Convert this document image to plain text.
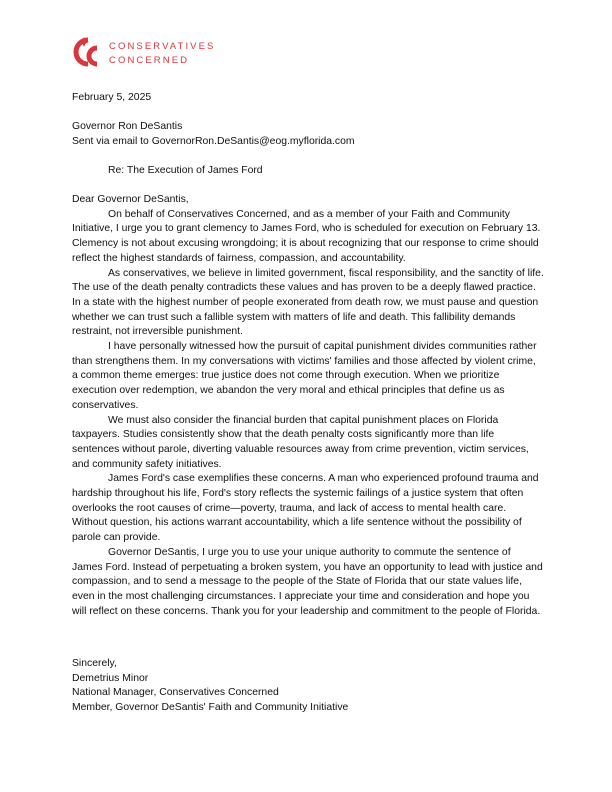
CONSERVATIVES
CONCERNED
February 5, 2025
Governor Ron DeSantis
Sent via email to GovernorRon.DeSantis@eog.myflorida.com
Re: The Execution of James Ford

Dear Governor DeSantis,

On behalf of Conservatives Concerned, and as a member of your Faith and Community Initiative, I urge you to grant clemency to James Ford, who is scheduled for execution on February 13. Clemency is not about excusing wrongdoing; it is about recognizing that our response to crime should reflect the highest standards of fairness, compassion, and accountability.

As conservatives, we believe in limited government, fiscal responsibility, and the sanctity of life. The use of the death penalty contradicts these values and has proven to be a deeply flawed practice. In a state with the highest number of people exonerated from death row, we must pause and question whether we can trust such a fallible system with matters of life and death. This fallibility demands restraint, not irreversible punishment.

I have personally witnessed how the pursuit of capital punishment divides communities rather than strengthens them. In my conversations with victims' families and those affected by violent crime, a common theme emerges: true justice does not come through execution. When we prioritize execution over redemption, we abandon the very moral and ethical principles that define us as conservatives.

We must also consider the financial burden that capital punishment places on Florida taxpayers. Studies consistently show that the death penalty costs significantly more than life sentences without parole, diverting valuable resources away from crime prevention, victim services, and community safety initiatives.

James Ford's case exemplifies these concerns. A man who experienced profound trauma and hardship throughout his life, Ford's story reflects the systemic failings of a justice system that often overlooks the root causes of crime—poverty, trauma, and lack of access to mental health care. Without question, his actions warrant accountability, which a life sentence without the possibility of parole can provide.

Governor DeSantis, I urge you to use your unique authority to commute the sentence of James Ford. Instead of perpetuating a broken system, you have an opportunity to lead with justice and compassion, and to send a message to the people of the State of Florida that our state values life, even in the most challenging circumstances. I appreciate your time and consideration and hope you will reflect on these concerns. Thank you for your leadership and commitment to the people of Florida.

Sincerely,
Demetrius Minor
National Manager, Conservatives Concerned
Member, Governor DeSantis' Faith and Community Initiative
